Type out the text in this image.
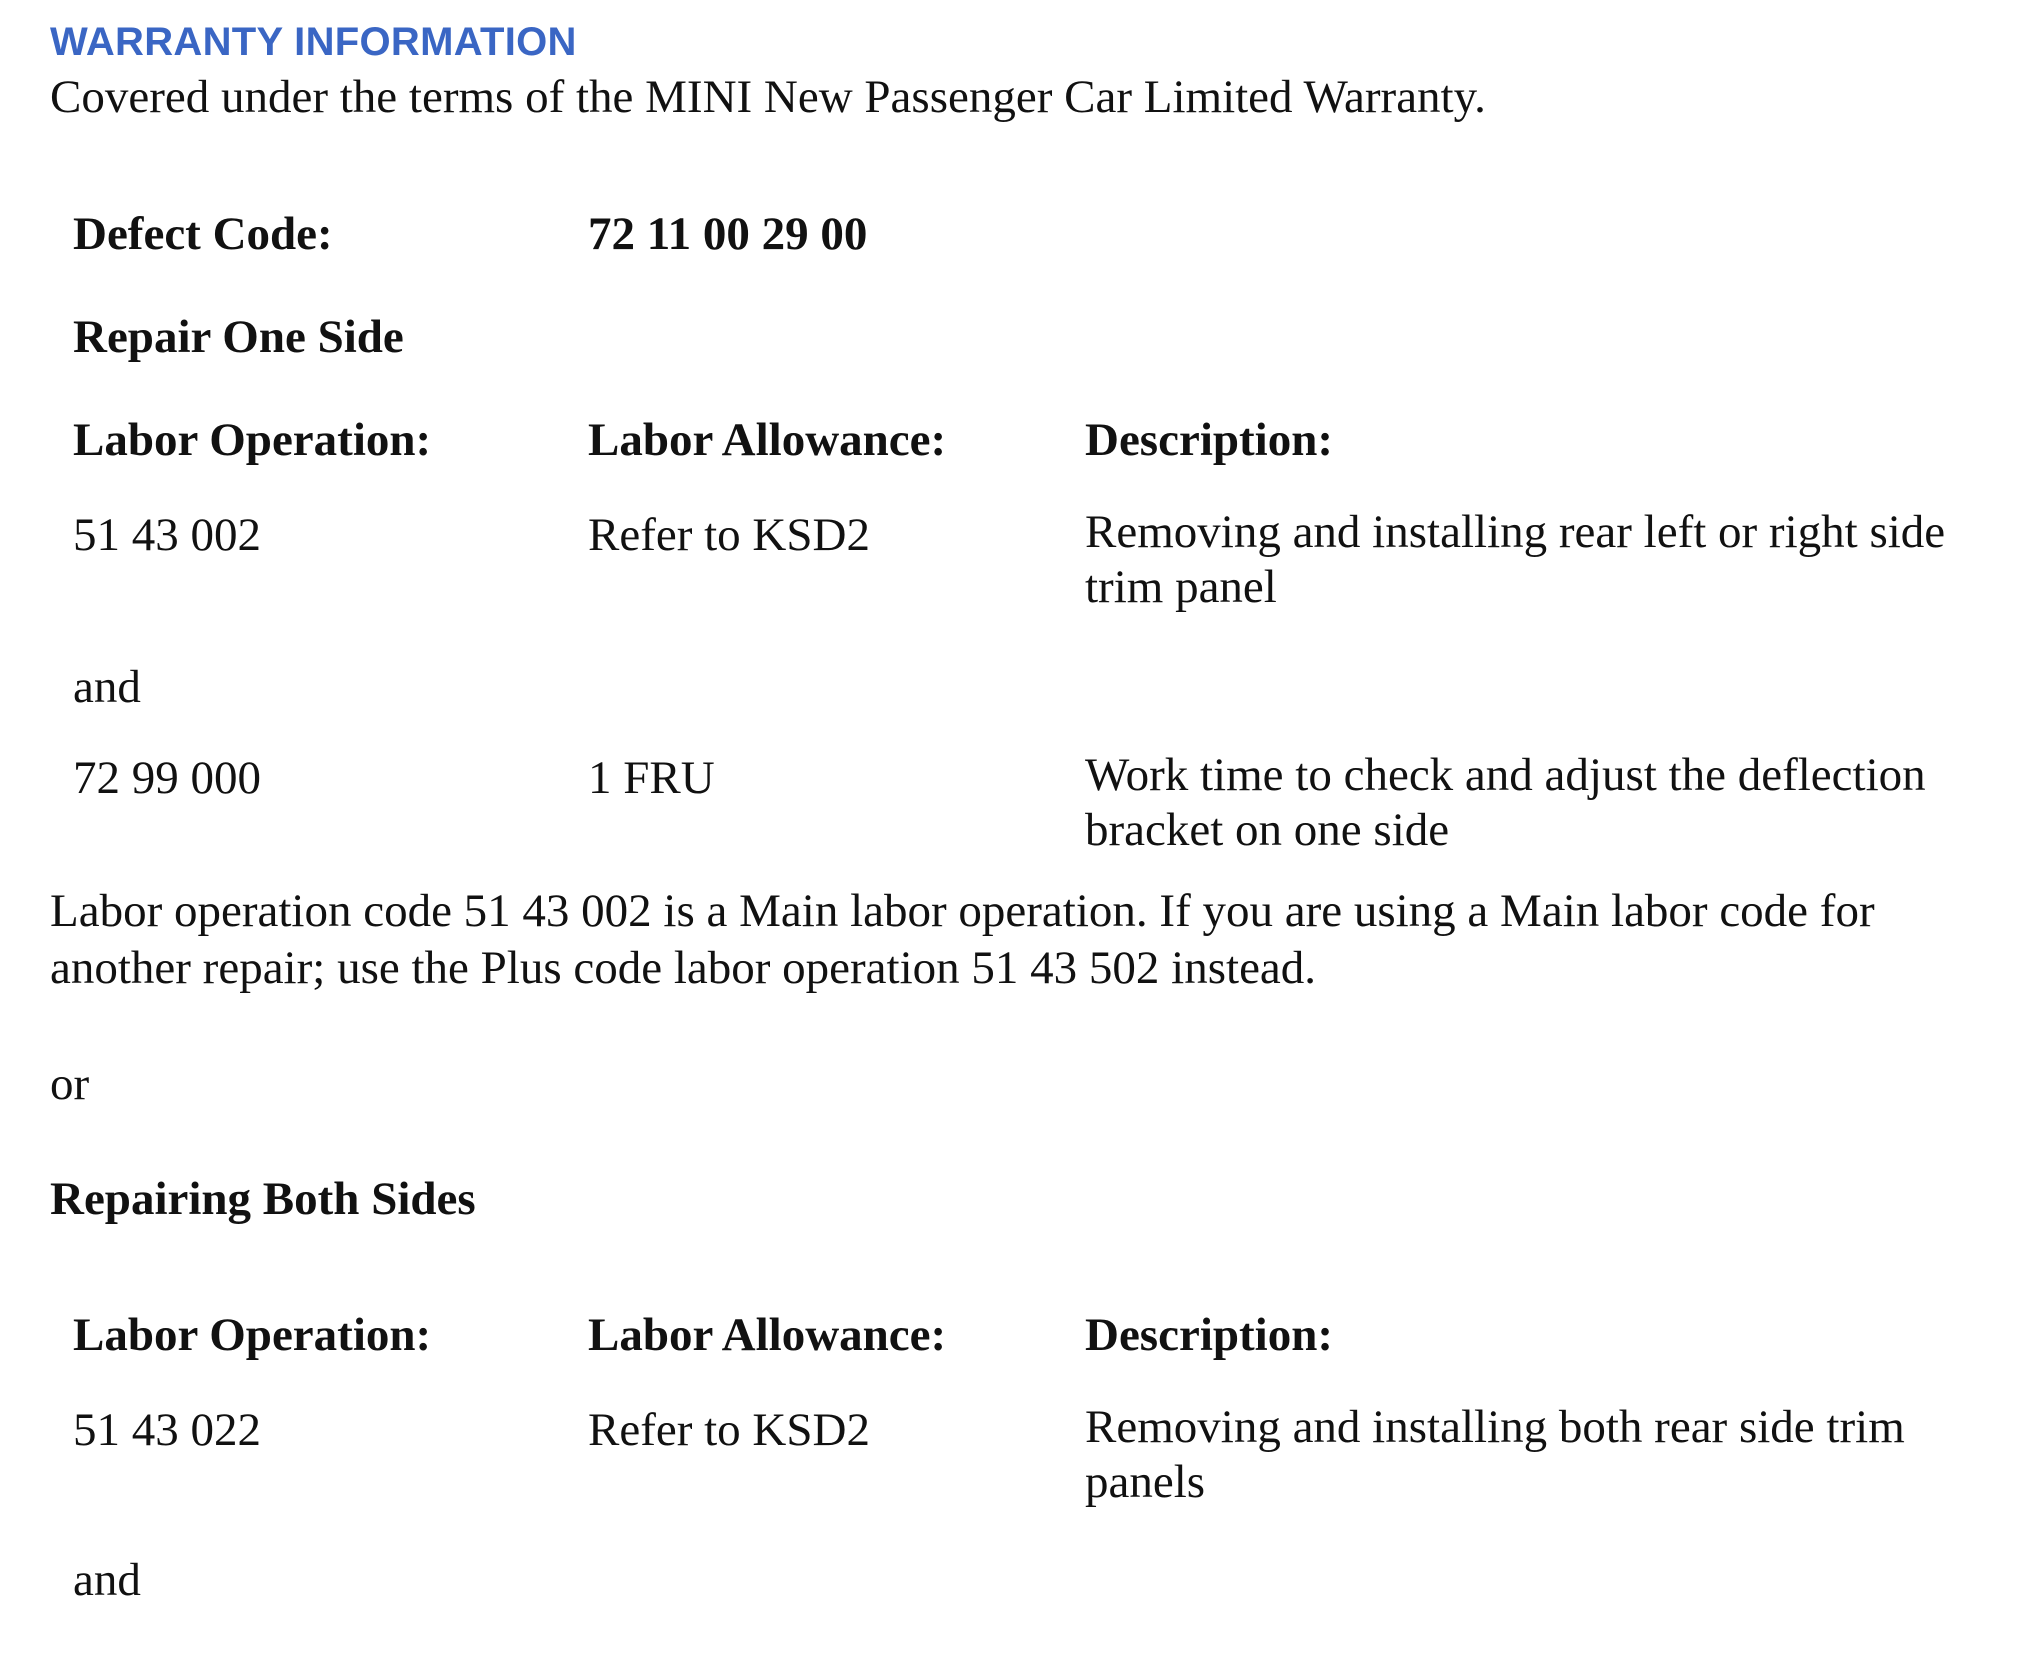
WARRANTY INFORMATION
Covered under the terms of the MINI New Passenger Car Limited Warranty.
Defect Code:	72 11 00 29 00
Repair One Side
Labor Operation:	Labor Allowance:	Description:
51 43 002	Refer to KSD2	Removing and installing rear left or right side trim panel
and
72 99 000	1 FRU	Work time to check and adjust the deflection bracket on one side
Labor operation code 51 43 002 is a Main labor operation. If you are using a Main labor code for another repair; use the Plus code labor operation 51 43 502 instead.
or
Repairing Both Sides
Labor Operation:	Labor Allowance:	Description:
51 43 022	Refer to KSD2	Removing and installing both rear side trim panels
and
